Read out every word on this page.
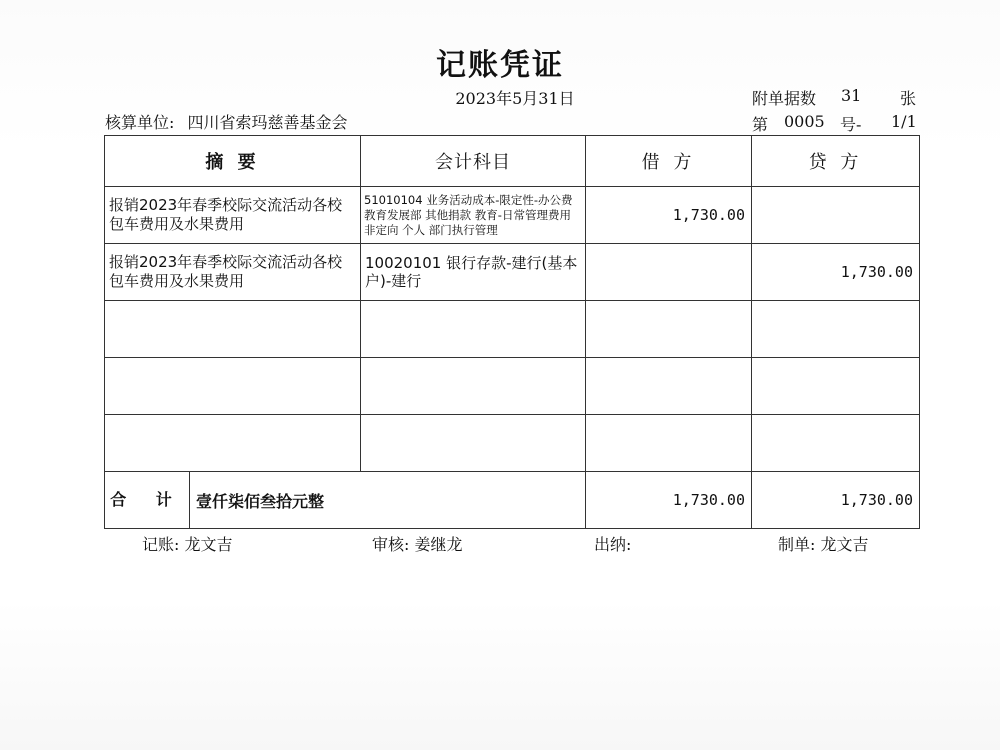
记账凭证
2023年5月31日	附单据数 31 张
核算单位: 四川省索玛慈善基金会	第 0005 号- 1/1
摘 要	会计科目	借 方	贷 方
报销2023年春季校际交流活动各校包车费用及水果费用	51010104 业务活动成本-限定性-办公费 教育发展部 其他捐款 教育-日常管理费用 非定向 个人 部门执行管理	1,730.00	
报销2023年春季校际交流活动各校包车费用及水果费用	10020101 银行存款-建行(基本户)-建行		1,730.00

合 计 壹仟柒佰叁拾元整		1,730.00	1,730.00
记账: 龙文吉	审核: 姜继龙	出纳:	制单: 龙文吉
